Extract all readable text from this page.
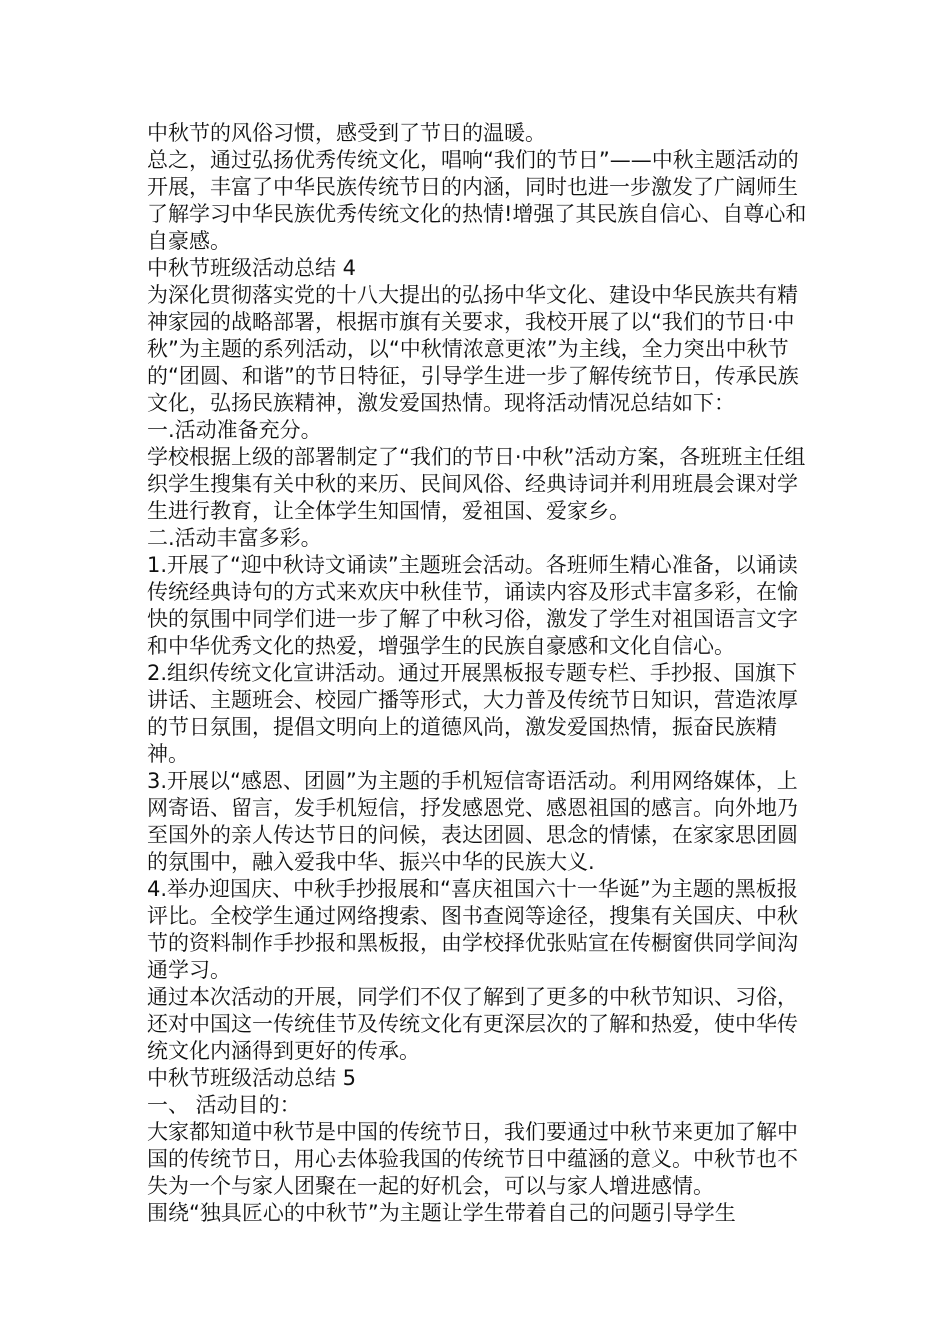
中秋节的风俗习惯，感受到了节日的温暖。

总之，通过弘扬优秀传统文化，唱响“我们的节日”——中秋主题活动的开展，丰富了中华民族传统节日的内涵，同时也进一步激发了广阔师生了解学习中华民族优秀传统文化的热情!增强了其民族自信心、自尊心和自豪感。

中秋节班级活动总结 4

为深化贯彻落实党的十八大提出的弘扬中华文化、建设中华民族共有精神家园的战略部署，根据市旗有关要求，我校开展了以“我们的节日·中秋”为主题的系列活动，以“中秋情浓意更浓”为主线，全力突出中秋节的“团圆、和谐”的节日特征，引导学生进一步了解传统节日，传承民族文化，弘扬民族精神，激发爱国热情。现将活动情况总结如下：

一.活动准备充分。

学校根据上级的部署制定了“我们的节日·中秋”活动方案，各班班主任组织学生搜集有关中秋的来历、民间风俗、经典诗词并利用班晨会课对学生进行教育，让全体学生知国情，爱祖国、爱家乡。

二.活动丰富多彩。

1.开展了“迎中秋诗文诵读”主题班会活动。各班师生精心准备，以诵读传统经典诗句的方式来欢庆中秋佳节，诵读内容及形式丰富多彩，在愉快的氛围中同学们进一步了解了中秋习俗，激发了学生对祖国语言文字和中华优秀文化的热爱，增强学生的民族自豪感和文化自信心。

2.组织传统文化宣讲活动。通过开展黑板报专题专栏、手抄报、国旗下讲话、主题班会、校园广播等形式，大力普及传统节日知识，营造浓厚的节日氛围，提倡文明向上的道德风尚，激发爱国热情，振奋民族精神。

3.开展以“感恩、团圆”为主题的手机短信寄语活动。利用网络媒体，上网寄语、留言，发手机短信，抒发感恩党、感恩祖国的感言。向外地乃至国外的亲人传达节日的问候，表达团圆、思念的情愫，在家家思团圆的氛围中，融入爱我中华、振兴中华的民族大义.

4.举办迎国庆、中秋手抄报展和“喜庆祖国六十一华诞”为主题的黑板报评比。全校学生通过网络搜索、图书查阅等途径，搜集有关国庆、中秋节的资料制作手抄报和黑板报，由学校择优张贴宣在传橱窗供同学间沟通学习。

通过本次活动的开展，同学们不仅了解到了更多的中秋节知识、习俗，还对中国这一传统佳节及传统文化有更深层次的了解和热爱，使中华传统文化内涵得到更好的传承。

中秋节班级活动总结 5

一、 活动目的：

大家都知道中秋节是中国的传统节日，我们要通过中秋节来更加了解中国的传统节日，用心去体验我国的传统节日中蕴涵的意义。中秋节也不失为一个与家人团聚在一起的好机会，可以与家人增进感情。

围绕“独具匠心的中秋节”为主题让学生带着自己的问题引导学生
